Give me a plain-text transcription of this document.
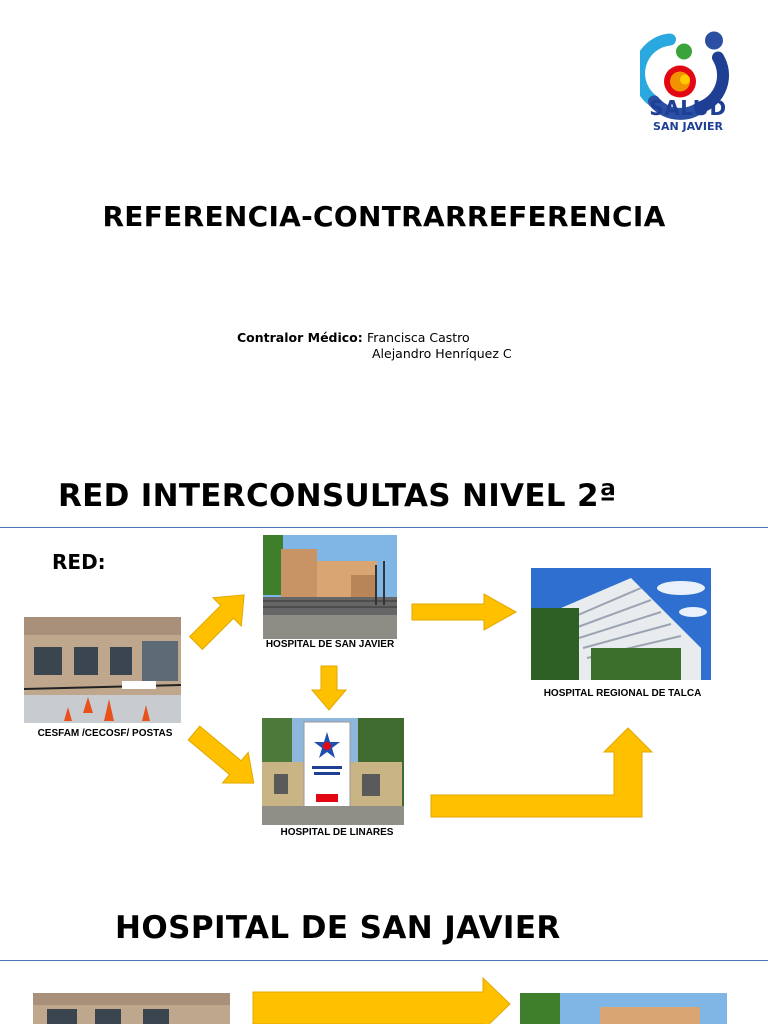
SALUD
SAN JAVIER
REFERENCIA-CONTRARREFERENCIA
Contralor Médico: Francisca Castro
Alejandro Henríquez C
RED INTERCONSULTAS NIVEL 2ª
RED:
CESFAM /CECOSF/ POSTAS
HOSPITAL DE SAN JAVIER
HOSPITAL DE LINARES
HOSPITAL REGIONAL DE TALCA
HOSPITAL DE SAN JAVIER
